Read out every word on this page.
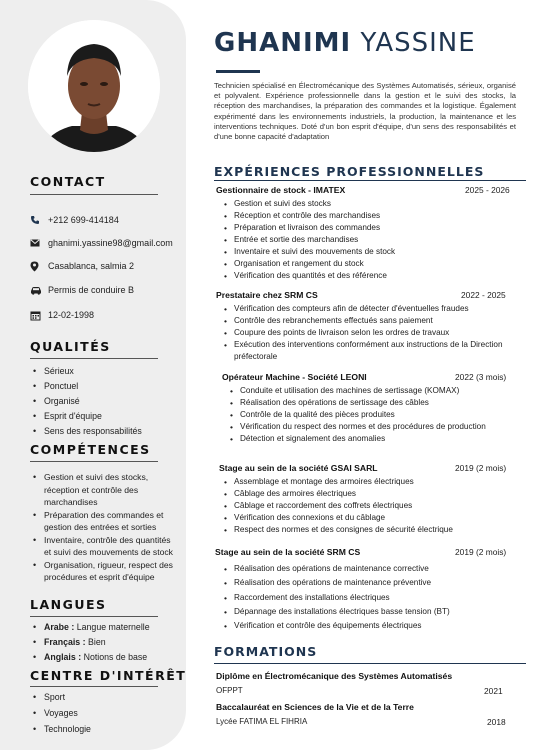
CONTACT
+212 699-414184
ghanimi.yassine98@gmail.com
Casablanca, salmia 2
Permis de conduire B
12-02-1998
QUALITÉS
• Sérieux
• Ponctuel
• Organisé
• Esprit d'équipe
• Sens des responsabilités
COMPÉTENCES
• Gestion et suivi des stocks, réception et contrôle des marchandises
• Préparation des commandes et gestion des entrées et sorties
• Inventaire, contrôle des quantités et suivi des mouvements de stock
• Organisation, rigueur, respect des procédures et esprit d'équipe
LANGUES
• Arabe : Langue maternelle
• Français : Bien
• Anglais : Notions de base
CENTRE D'INTÉRÊT
• Sport
• Voyages
• Technologie
GHANIMI YASSINE

Technicien spécialisé en Électromécanique des Systèmes Automatisés, sérieux, organisé et polyvalent. Expérience professionnelle dans la gestion et le suivi des stocks, la réception des marchandises, la préparation des commandes et la logistique. Également expérimenté dans les environnements industriels, la production, la maintenance et les interventions techniques. Doté d'un bon esprit d'équipe, d'un sens des responsabilités et d'une bonne capacité d'adaptation

EXPÉRIENCES PROFESSIONNELLES
Gestionnaire de stock - IMATEX	2025 - 2026
• Gestion et suivi des stocks
• Réception et contrôle des marchandises
• Préparation et livraison des commandes
• Entrée et sortie des marchandises
• Inventaire et suivi des mouvements de stock
• Organisation et rangement du stock
• Vérification des quantités et des référence
Prestataire chez SRM CS	2022 - 2025
• Vérification des compteurs afin de détecter d'éventuelles fraudes
• Contrôle des rebranchements effectués sans paiement
• Coupure des points de livraison selon les ordres de travaux
• Exécution des interventions conformément aux instructions de la Direction préfectorale
Opérateur Machine - Société LEONI	2022 (3 mois)
• Conduite et utilisation des machines de sertissage (KOMAX)
• Réalisation des opérations de sertissage des câbles
• Contrôle de la qualité des pièces produites
• Vérification du respect des normes et des procédures de production
• Détection et signalement des anomalies
Stage au sein de la société GSAI SARL	2019 (2 mois)
• Assemblage et montage des armoires électriques
• Câblage des armoires électriques
• Câblage et raccordement des coffrets électriques
• Vérification des connexions et du câblage
• Respect des normes et des consignes de sécurité électrique
Stage au sein de la société SRM CS	2019 (2 mois)
• Réalisation des opérations de maintenance corrective
• Réalisation des opérations de maintenance préventive
• Raccordement des installations électriques
• Dépannage des installations électriques basse tension (BT)
• Vérification et contrôle des équipements électriques
FORMATIONS
Diplôme en Électromécanique des Systèmes Automatisés
OFPPT	2021
Baccalauréat en Sciences de la Vie et de la Terre
Lycée FATIMA EL FIHRIA	2018
